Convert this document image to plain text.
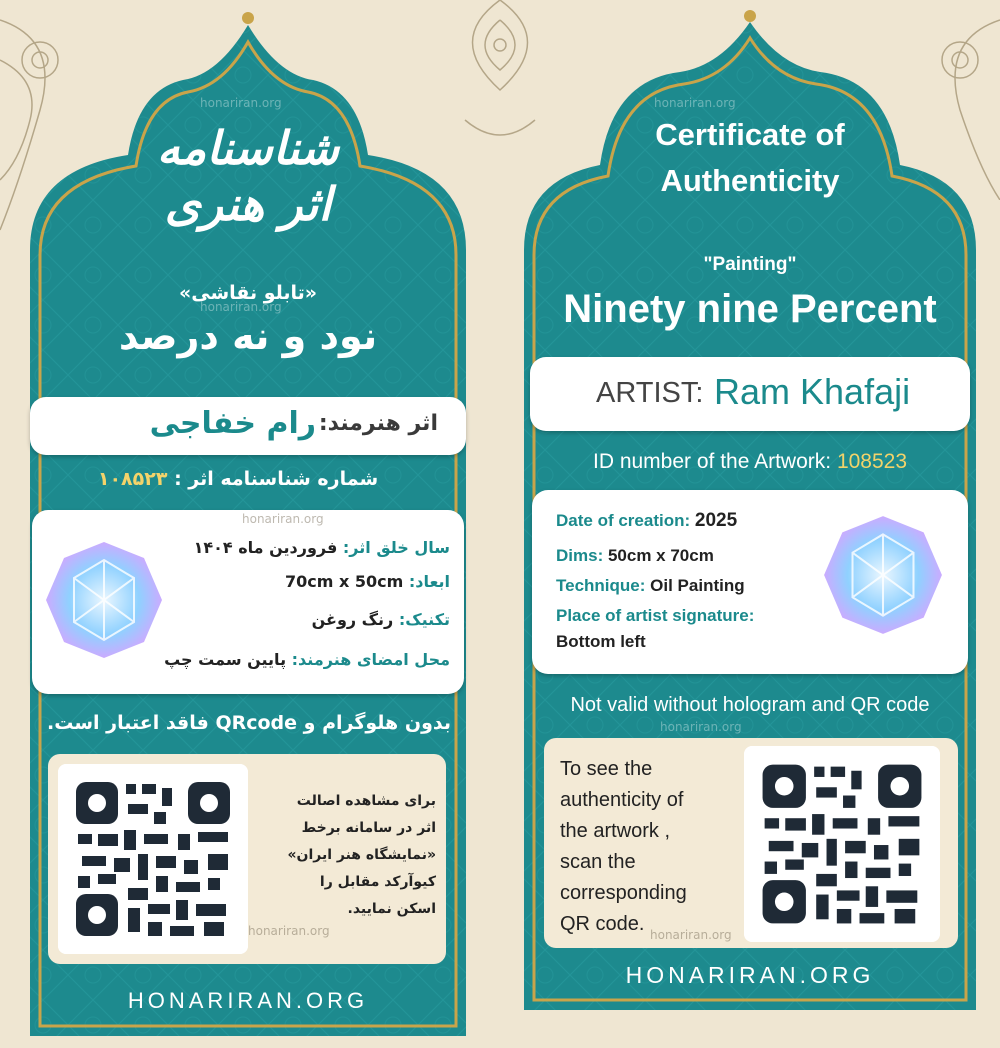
شناسنامه اثر هنری
honariran.org
«تابلو نقاشی»
honariran.org
نود و نه درصد
اثر هنرمند:
رام خفاجی
شماره شناسنامه اثر : ۱۰۸۵۲۳
honariran.org
سال خلق اثر: فروردین ماه ۱۴۰۴
ابعاد: 70cm x 50cm
تکنیک: رنگ روغن
محل امضای هنرمند: پایین سمت چپ
بدون هلوگرام و QRcode فاقد اعتبار است.
برای مشاهده اصالت
اثر در سامانه برخط
«نمایشگاه هنر ایران»
کیوآرکد مقابل را
اسکن نمایید.
honariran.org
HONARIRAN.ORG
honariran.org
Certificate of
Authenticity
"Painting"
Ninety nine Percent
ARTIST: Ram Khafaji
ID number of the Artwork: 108523
Date of creation: 2025
Dims: 50cm x 70cm
Technique: Oil Painting
Place of artist signature:
Bottom left
Not valid without hologram and QR code
honariran.org
To see the
authenticity of
the artwork ,
scan the
corresponding
QR code. honariran.org
HONARIRAN.ORG
